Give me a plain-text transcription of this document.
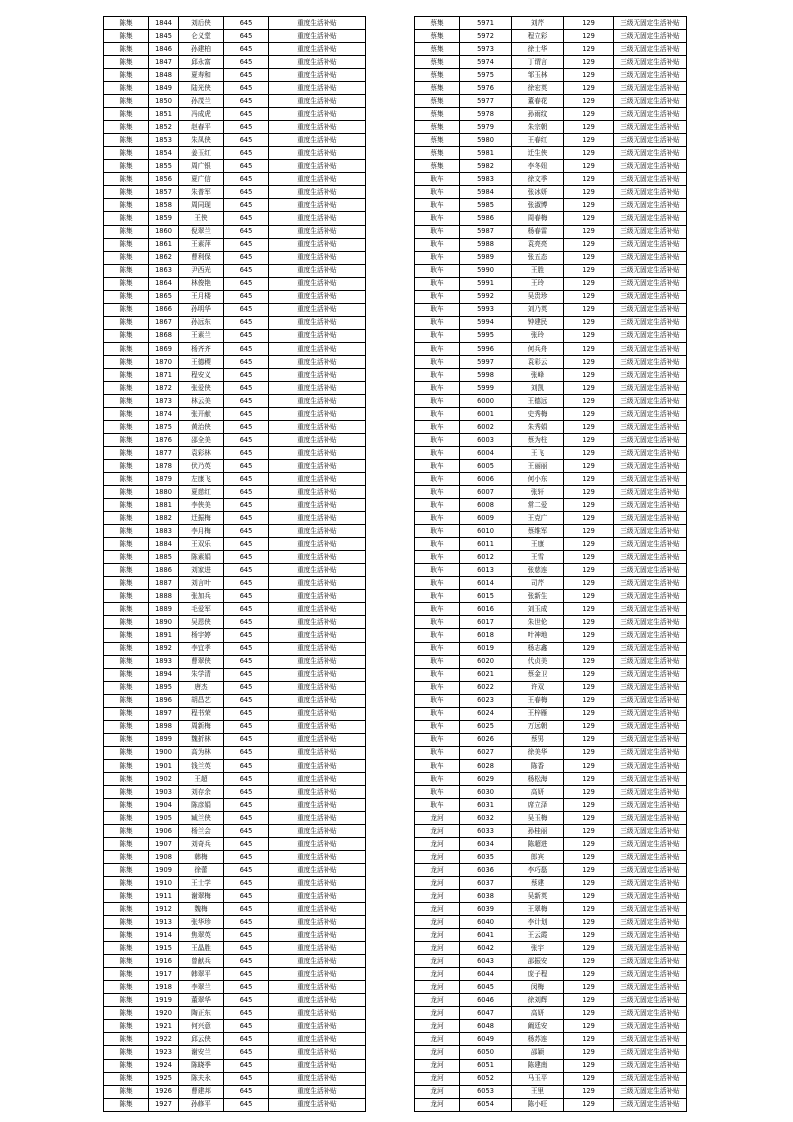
陈集	1844	刘后侠	645	重度生活补贴
陈集	1845	仑义堂	645	重度生活补贴
陈集	1846	孙建柏	645	重度生活补贴
陈集	1847	邱永富	645	重度生活补贴
陈集	1848	夏寿和	645	重度生活补贴
陈集	1849	陆光侠	645	重度生活补贴
陈集	1850	孙茂兰	645	重度生活补贴
陈集	1851	冯成虎	645	重度生活补贴
陈集	1852	赵春平	645	重度生活补贴
陈集	1853	朱凤侠	645	重度生活补贴
陈集	1854	姜玉红	645	重度生活补贴
陈集	1855	周广银	645	重度生活补贴
陈集	1856	夏广信	645	重度生活补贴
陈集	1857	朱普军	645	重度生活补贴
陈集	1858	周同现	645	重度生活补贴
陈集	1859	王侠	645	重度生活补贴
陈集	1860	倪翠兰	645	重度生活补贴
陈集	1861	王素萍	645	重度生活补贴
陈集	1862	曹利保	645	重度生活补贴
陈集	1863	尹西光	645	重度生活补贴
陈集	1864	林俊艳	645	重度生活补贴
陈集	1865	王月楼	645	重度生活补贴
陈集	1866	孙明华	645	重度生活补贴
陈集	1867	孙远东	645	重度生活补贴
陈集	1868	王素兰	645	重度生活补贴
陈集	1869	杨齐齐	645	重度生活补贴
陈集	1870	王德稷	645	重度生活补贴
陈集	1871	程安义	645	重度生活补贴
陈集	1872	张爱侠	645	重度生活补贴
陈集	1873	林云美	645	重度生活补贴
陈集	1874	张开献	645	重度生活补贴
陈集	1875	黄治侠	645	重度生活补贴
陈集	1876	邵全美	645	重度生活补贴
陈集	1877	袁彩林	645	重度生活补贴
陈集	1878	伏乃英	645	重度生活补贴
陈集	1879	左康飞	645	重度生活补贴
陈集	1880	夏慈红	645	重度生活补贴
陈集	1881	李侠美	645	重度生活补贴
陈集	1882	迁振梅	645	重度生活补贴
陈集	1883	李月梅	645	重度生活补贴
陈集	1884	王双乐	645	重度生活补贴
陈集	1885	陈素娟	645	重度生活补贴
陈集	1886	刘家进	645	重度生活补贴
陈集	1887	刘言叶	645	重度生活补贴
陈集	1888	张加兵	645	重度生活补贴
陈集	1889	毛爱军	645	重度生活补贴
陈集	1890	吴恩侠	645	重度生活补贴
陈集	1891	杨宇婷	645	重度生活补贴
陈集	1892	李宜孝	645	重度生活补贴
陈集	1893	曹翠侠	645	重度生活补贴
陈集	1894	朱学清	645	重度生活补贴
陈集	1895	唐杰	645	重度生活补贴
陈集	1896	胡昌艺	645	重度生活补贴
陈集	1897	程书荣	645	重度生活补贴
陈集	1898	周新梅	645	重度生活补贴
陈集	1899	魏折林	645	重度生活补贴
陈集	1900	高为林	645	重度生活补贴
陈集	1901	钱兰英	645	重度生活补贴
陈集	1902	王超	645	重度生活补贴
陈集	1903	刘存余	645	重度生活补贴
陈集	1904	陈彦娟	645	重度生活补贴
陈集	1905	臧兰侠	645	重度生活补贴
陈集	1906	杨兰会	645	重度生活补贴
陈集	1907	刘奇兵	645	重度生活补贴
陈集	1908	韩梅	645	重度生活补贴
陈集	1909	徐蕾	645	重度生活补贴
陈集	1910	王士学	645	重度生活补贴
陈集	1911	谢翠梅	645	重度生活补贴
陈集	1912	魏梅	645	重度生活补贴
陈集	1913	张华珍	645	重度生活补贴
陈集	1914	焦翠英	645	重度生活补贴
陈集	1915	王晶胜	645	重度生活补贴
陈集	1916	曾献兵	645	重度生活补贴
陈集	1917	韩翠平	645	重度生活补贴
陈集	1918	李翠兰	645	重度生活补贴
陈集	1919	董翠华	645	重度生活补贴
陈集	1920	陶正东	645	重度生活补贴
陈集	1921	何兴意	645	重度生活补贴
陈集	1922	邱云侠	645	重度生活补贴
陈集	1923	谢安兰	645	重度生活补贴
陈集	1924	陈晓季	645	重度生活补贴
陈集	1925	陈夫永	645	重度生活补贴
陈集	1926	曹建邦	645	重度生活补贴
陈集	1927	孙修平	645	重度生活补贴
蔡集	5971	刘芹	129	三级无固定生活补贴
蔡集	5972	程立彩	129	三级无固定生活补贴
蔡集	5973	徐士华	129	三级无固定生活补贴
蔡集	5974	丁谓言	129	三级无固定生活补贴
蔡集	5975	邹玉林	129	三级无固定生活补贴
蔡集	5976	徐宏英	129	三级无固定生活补贴
蔡集	5977	董春花	129	三级无固定生活补贴
蔡集	5978	孙雨纹	129	三级无固定生活补贴
蔡集	5979	朱宗朝	129	三级无固定生活补贴
蔡集	5980	王春红	129	三级无固定生活补贴
蔡集	5981	迁生侠	129	三级无固定生活补贴
蔡集	5982	李冬妞	129	三级无固定生活补贴
耿车	5983	徐文季	129	三级无固定生活补贴
耿车	5984	张冰妍	129	三级无固定生活补贴
耿车	5985	张淑博	129	三级无固定生活补贴
耿车	5986	周春梅	129	三级无固定生活补贴
耿车	5987	杨春雷	129	三级无固定生活补贴
耿车	5988	袁亮亮	129	三级无固定生活补贴
耿车	5989	张五态	129	三级无固定生活补贴
耿车	5990	王胜	129	三级无固定生活补贴
耿车	5991	王玲	129	三级无固定生活补贴
耿车	5992	吴贵珍	129	三级无固定生活补贴
耿车	5993	刘乃英	129	三级无固定生活补贴
耿车	5994	钟建民	129	三级无固定生活补贴
耿车	5995	张玲	129	三级无固定生活补贴
耿车	5996	何兵舟	129	三级无固定生活补贴
耿车	5997	袁彩云	129	三级无固定生活补贴
耿车	5998	张峰	129	三级无固定生活补贴
耿车	5999	刘凯	129	三级无固定生活补贴
耿车	6000	王德远	129	三级无固定生活补贴
耿车	6001	史秀梅	129	三级无固定生活补贴
耿车	6002	朱秀娟	129	三级无固定生活补贴
耿车	6003	蔡为柱	129	三级无固定生活补贴
耿车	6004	王飞	129	三级无固定生活补贴
耿车	6005	王丽丽	129	三级无固定生活补贴
耿车	6006	何小东	129	三级无固定生活补贴
耿车	6007	张轩	129	三级无固定生活补贴
耿车	6008	常二爱	129	三级无固定生活补贴
耿车	6009	王克广	129	三级无固定生活补贴
耿车	6010	蔡维军	129	三级无固定生活补贴
耿车	6011	王康	129	三级无固定生活补贴
耿车	6012	王雪	129	三级无固定生活补贴
耿车	6013	张慈连	129	三级无固定生活补贴
耿车	6014	司芹	129	三级无固定生活补贴
耿车	6015	张新生	129	三级无固定生活补贴
耿车	6016	刘玉成	129	三级无固定生活补贴
耿车	6017	朱世伦	129	三级无固定生活补贴
耿车	6018	叶神地	129	三级无固定生活补贴
耿车	6019	杨志鑫	129	三级无固定生活补贴
耿车	6020	代贞美	129	三级无固定生活补贴
耿车	6021	蔡金卫	129	三级无固定生活补贴
耿车	6022	许双	129	三级无固定生活补贴
耿车	6023	王春梅	129	三级无固定生活补贴
耿车	6024	王梓雁	129	三级无固定生活补贴
耿车	6025	万远朝	129	三级无固定生活补贴
耿车	6026	蔡男	129	三级无固定生活补贴
耿车	6027	徐美华	129	三级无固定生活补贴
耿车	6028	陈香	129	三级无固定生活补贴
耿车	6029	杨松海	129	三级无固定生活补贴
耿车	6030	高妍	129	三级无固定生活补贴
耿车	6031	席立泽	129	三级无固定生活补贴
龙河	6032	吴玉梅	129	三级无固定生活补贴
龙河	6033	孙桂丽	129	三级无固定生活补贴
龙河	6034	陈超进	129	三级无固定生活补贴
龙河	6035	郎宾	129	三级无固定生活补贴
龙河	6036	李巧磊	129	三级无固定生活补贴
龙河	6037	蔡建	129	三级无固定生活补贴
龙河	6038	吴新英	129	三级无固定生活补贴
龙河	6039	王翠梅	129	三级无固定生活补贴
龙河	6040	李计划	129	三级无固定生活补贴
龙河	6041	王云霞	129	三级无固定生活补贴
龙河	6042	张宇	129	三级无固定生活补贴
龙河	6043	邵振安	129	三级无固定生活补贴
龙河	6044	庞子程	129	三级无固定生活补贴
龙河	6045	闵梅	129	三级无固定生活补贴
龙河	6046	徐刘辉	129	三级无固定生活补贴
龙河	6047	高妍	129	三级无固定生活补贴
龙河	6048	阚廷安	129	三级无固定生活补贴
龙河	6049	杨苏连	129	三级无固定生活补贴
龙河	6050	邵颖	129	三级无固定生活补贴
龙河	6051	陈建南	129	三级无固定生活补贴
龙河	6052	马玉平	129	三级无固定生活补贴
龙河	6053	王里	129	三级无固定生活补贴
龙河	6054	陈小旺	129	三级无固定生活补贴
